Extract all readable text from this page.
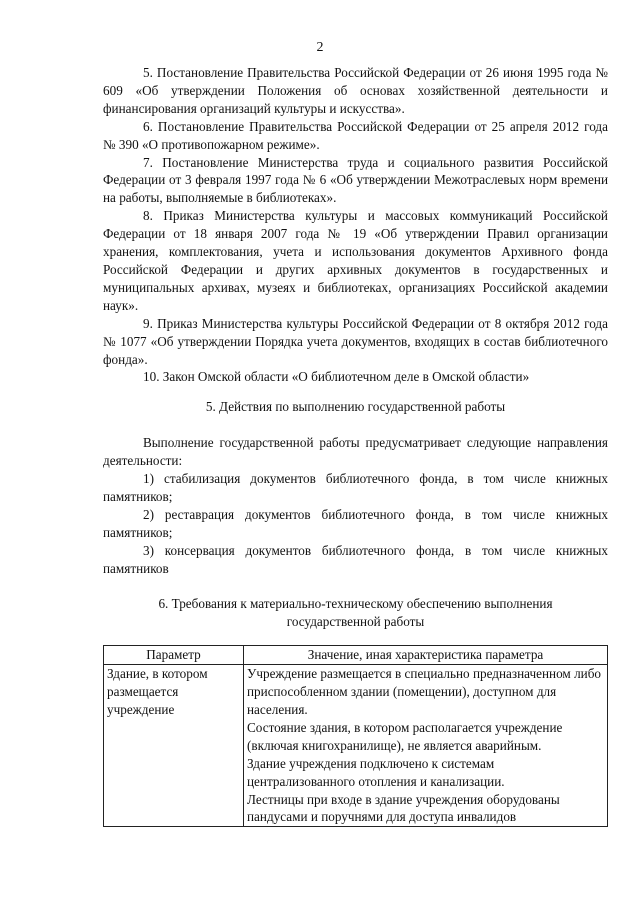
2

5. Постановление Правительства Российской Федерации от 26 июня 1995 года № 609 «Об утверждении Положения об основах хозяйственной деятельности и финансирования организаций культуры и искусства».

6. Постановление Правительства Российской Федерации от 25 апреля 2012 года № 390 «О противопожарном режиме».

7. Постановление Министерства труда и социального развития Российской Федерации от 3 февраля 1997 года № 6 «Об утверждении Межотраслевых норм времени на работы, выполняемые в библиотеках».

8. Приказ Министерства культуры и массовых коммуникаций Российской Федерации от 18 января 2007 года № 19 «Об утверждении Правил организации хранения, комплектования, учета и использования документов Архивного фонда Российской Федерации и других архивных документов в государственных и муниципальных архивах, музеях и библиотеках, организациях Российской академии наук».

9. Приказ Министерства культуры Российской Федерации от 8 октября 2012 года № 1077 «Об утверждении Порядка учета документов, входящих в состав библиотечного фонда».

10. Закон Омской области «О библиотечном деле в Омской области»

5. Действия по выполнению государственной работы

Выполнение государственной работы предусматривает следующие направления деятельности:

1) стабилизация документов библиотечного фонда, в том числе книжных памятников;

2) реставрация документов библиотечного фонда, в том числе книжных памятников;

3) консервация документов библиотечного фонда, в том числе книжных памятников

6. Требования к материально-техническому обеспечению выполнения
государственной работы
Параметр	Значение, иная характеристика параметра
Здание, в котором размещается учреждение	Учреждение размещается в специально предназначенном либо приспособленном здании (помещении), доступном для населения.
Состояние здания, в котором располагается учреждение (включая книгохранилище), не является аварийным.
Здание учреждения подключено к системам централизованного отопления и канализации.
Лестницы при входе в здание учреждения оборудованы пандусами и поручнями для доступа инвалидов
